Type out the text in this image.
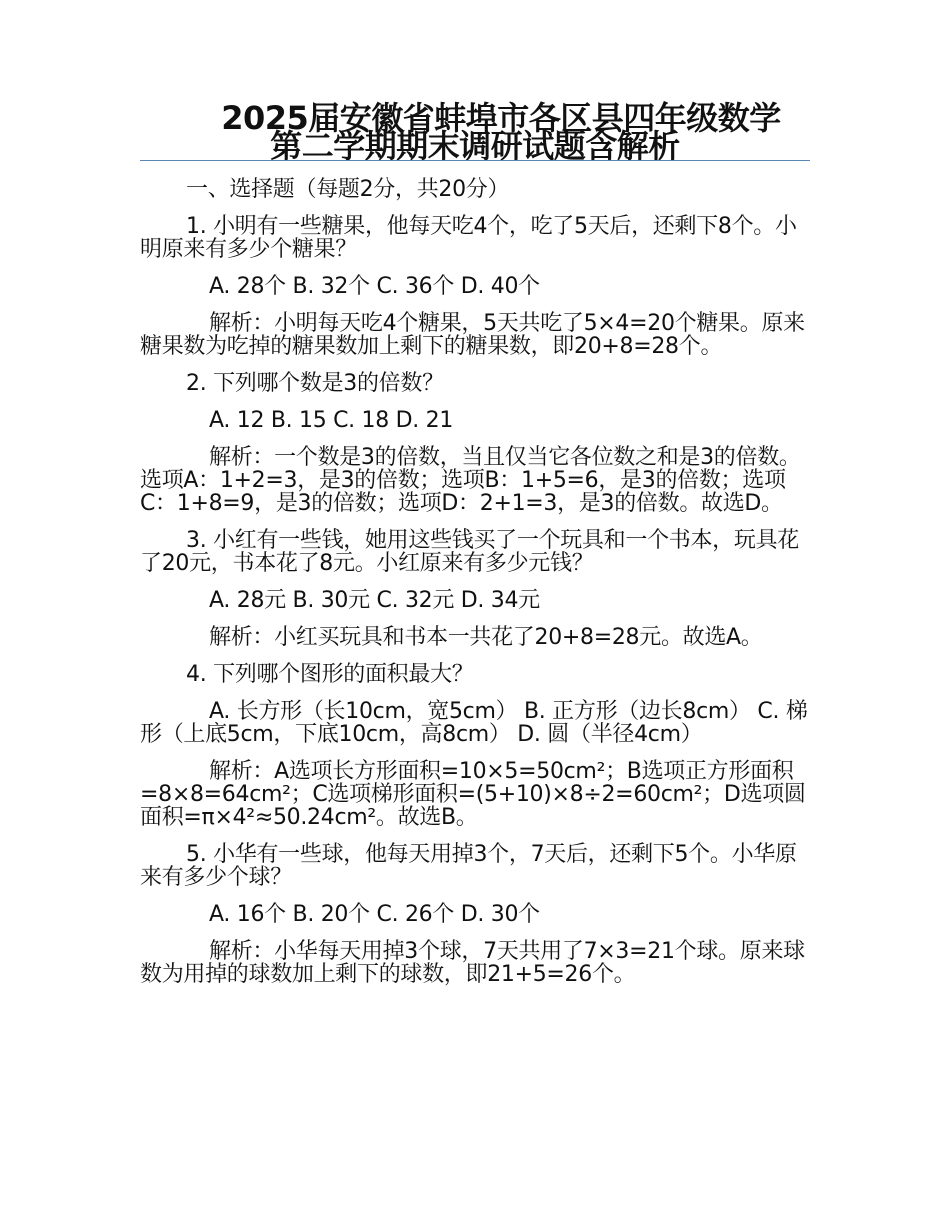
2025届安徽省蚌埠市各区县四年级数学
第二学期期末调研试题含解析

一、选择题（每题2分，共20分）

1. 小明有一些糖果，他每天吃4个，吃了5天后，还剩下8个。小明原来有多少个糖果？

A. 28个 B. 32个 C. 36个 D. 40个

解析：小明每天吃4个糖果，5天共吃了5×4=20个糖果。原来糖果数为吃掉的糖果数加上剩下的糖果数，即20+8=28个。

2. 下列哪个数是3的倍数？

A. 12 B. 15 C. 18 D. 21

解析：一个数是3的倍数，当且仅当它各位数之和是3的倍数。选项A：1+2=3，是3的倍数；选项B：1+5=6，是3的倍数；选项C：1+8=9，是3的倍数；选项D：2+1=3，是3的倍数。故选D。

3. 小红有一些钱，她用这些钱买了一个玩具和一个书本，玩具花了20元，书本花了8元。小红原来有多少元钱？

A. 28元 B. 30元 C. 32元 D. 34元

解析：小红买玩具和书本一共花了20+8=28元。故选A。

4. 下列哪个图形的面积最大？

A. 长方形（长10cm，宽5cm） B. 正方形（边长8cm） C. 梯形（上底5cm，下底10cm，高8cm） D. 圆（半径4cm）

解析：A选项长方形面积=10×5=50cm²；B选项正方形面积=8×8=64cm²；C选项梯形面积=(5+10)×8÷2=60cm²；D选项圆面积=π×4²≈50.24cm²。故选B。

5. 小华有一些球，他每天用掉3个，7天后，还剩下5个。小华原来有多少个球？

A. 16个 B. 20个 C. 26个 D. 30个

解析：小华每天用掉3个球，7天共用了7×3=21个球。原来球数为用掉的球数加上剩下的球数，即21+5=26个。
